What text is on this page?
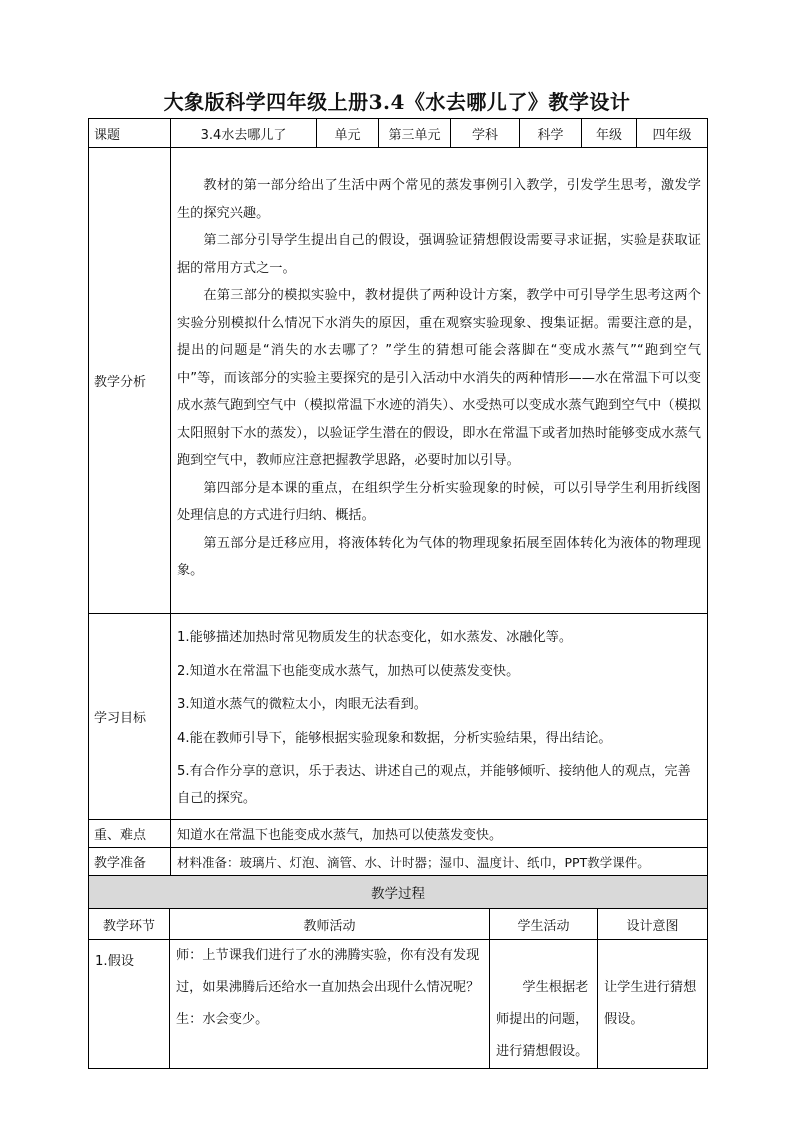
大象版科学四年级上册3.4《水去哪儿了》教学设计
课题	3.4水去哪儿了	单元	第三单元	学科	科学	年级	四年级
教学分析	教材的第一部分给出了生活中两个常见的蒸发事例引入教学，引发学生思考，激发学生的探究兴趣。

第二部分引导学生提出自己的假设，强调验证猜想假设需要寻求证据，实验是获取证据的常用方式之一。

在第三部分的模拟实验中，教材提供了两种设计方案，教学中可引导学生思考这两个实验分别模拟什么情况下水消失的原因，重在观察实验现象、搜集证据。需要注意的是，提出的问题是“消失的水去哪了？”学生的猜想可能会落脚在“变成水蒸气”“跑到空气中”等，而该部分的实验主要探究的是引入活动中水消失的两种情形——水在常温下可以变成水蒸气跑到空气中（模拟常温下水迹的消失）、水受热可以变成水蒸气跑到空气中（模拟太阳照射下水的蒸发），以验证学生潜在的假设，即水在常温下或者加热时能够变成水蒸气跑到空气中，教师应注意把握教学思路，必要时加以引导。

第四部分是本课的重点，在组织学生分析实验现象的时候，可以引导学生利用折线图处理信息的方式进行归纳、概括。

第五部分是迁移应用，将液体转化为气体的物理现象拓展至固体转化为液体的物理现象。						

学习目标	1.能够描述加热时常见物质发生的状态变化，如水蒸发、冰融化等。

2.知道水在常温下也能变成水蒸气，加热可以使蒸发变快。

3.知道水蒸气的微粒太小，肉眼无法看到。

4.能在教师引导下，能够根据实验现象和数据，分析实验结果，得出结论。

5.有合作分享的意识，乐于表达、讲述自己的观点，并能够倾听、接纳他人的观点，完善自己的探究。						

重、难点	知道水在常温下也能变成水蒸气，加热可以使蒸发变快。						
教学准备	材料准备：玻璃片、灯泡、滴管、水、计时器；湿巾、温度计、纸巾，PPT教学课件。						
教学过程			
教学环节	教师活动	学生活动	设计意图
1.假设	师：上节课我们进行了水的沸腾实验，你有没有发现过，如果沸腾后还给水一直加热会出现什么情况呢？
生：水会变少。	学生根据老师提出的问题，进行猜想假设。	让学生进行猜想假设。
